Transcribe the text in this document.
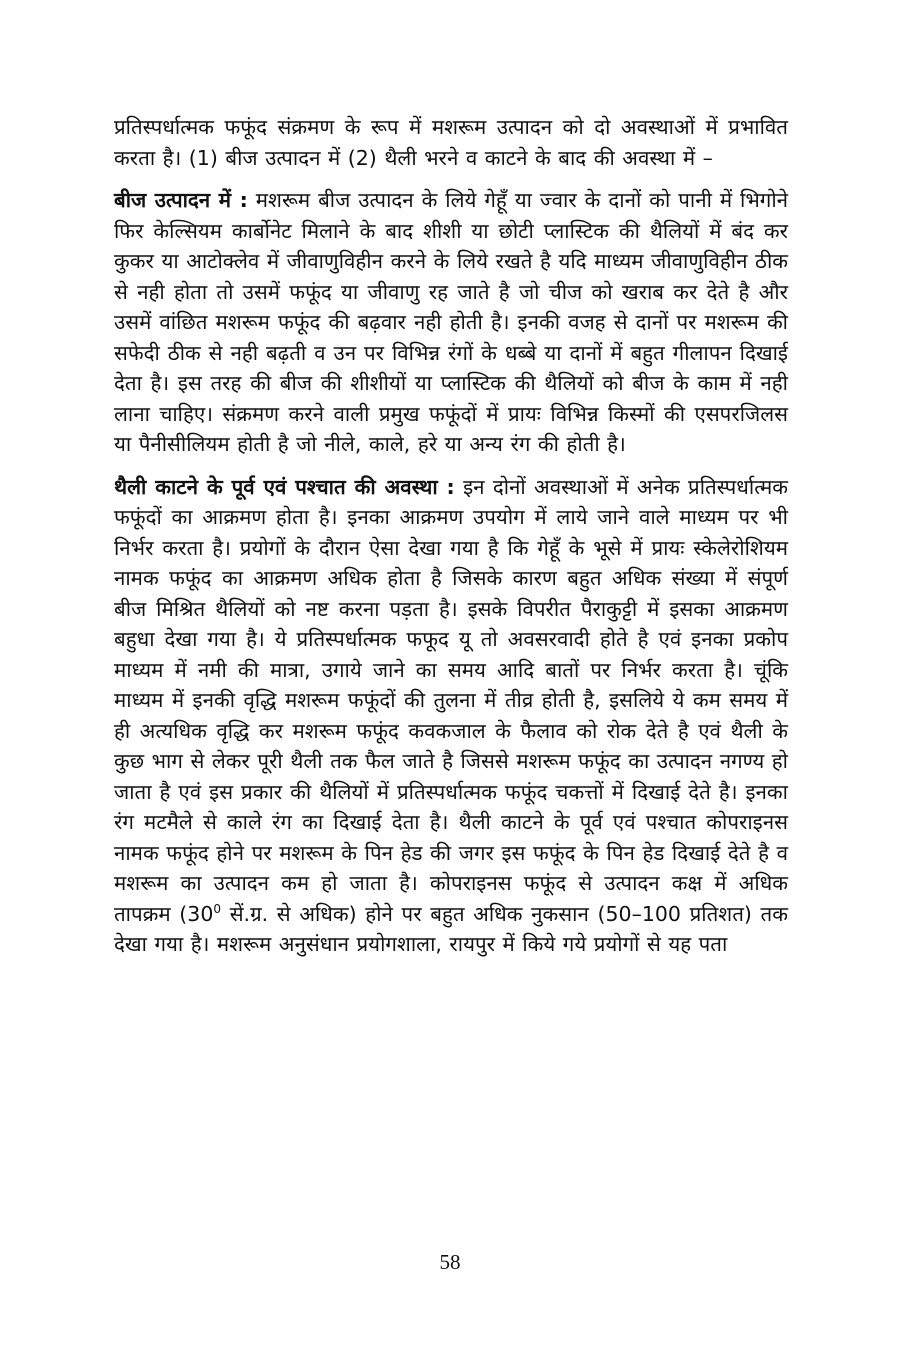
प्रतिस्पर्धात्मक फफूंद संक्रमण के रूप में मशरूम उत्पादन को दो अवस्थाओं में प्रभावित करता है। (1) बीज उत्पादन में (2) थैली भरने व काटने के बाद की अवस्था में –

बीज उत्पादन में : मशरूम बीज उत्पादन के लिये गेहूँ या ज्वार के दानों को पानी में भिगोने फिर केल्सियम कार्बोनेट मिलाने के बाद शीशी या छोटी प्लास्टिक की थैलियों में बंद कर कुकर या आटोक्लेव में जीवाणुविहीन करने के लिये रखते है यदि माध्यम जीवाणुविहीन ठीक से नही होता तो उसमें फफूंद या जीवाणु रह जाते है जो चीज को खराब कर देते है और उसमें वांछित मशरूम फफूंद की बढ़वार नही होती है। इनकी वजह से दानों पर मशरूम की सफेदी ठीक से नही बढ़ती व उन पर विभिन्न रंगों के धब्बे या दानों में बहुत गीलापन दिखाई देता है। इस तरह की बीज की शीशीयों या प्लास्टिक की थैलियों को बीज के काम में नही लाना चाहिए। संक्रमण करने वाली प्रमुख फफूंदों में प्रायः विभिन्न किस्मों की एसपरजिलस या पैनीसीलियम होती है जो नीले, काले, हरे या अन्य रंग की होती है।

थैली काटने के पूर्व एवं पश्चात की अवस्था : इन दोनों अवस्थाओं में अनेक प्रतिस्पर्धात्मक फफूंदों का आक्रमण होता है। इनका आक्रमण उपयोग में लाये जाने वाले माध्यम पर भी निर्भर करता है। प्रयोगों के दौरान ऐसा देखा गया है कि गेहूँ के भूसे में प्रायः स्केलेरोशियम नामक फफूंद का आक्रमण अधिक होता है जिसके कारण बहुत अधिक संख्या में संपूर्ण बीज मिश्रित थैलियों को नष्ट करना पड़ता है। इसके विपरीत पैराकुट्टी में इसका आक्रमण बहुधा देखा गया है। ये प्रतिस्पर्धात्मक फफूद यू तो अवसरवादी होते है एवं इनका प्रकोप माध्यम में नमी की मात्रा, उगाये जाने का समय आदि बातों पर निर्भर करता है। चूंकि माध्यम में इनकी वृद्धि मशरूम फफूंदों की तुलना में तीव्र होती है, इसलिये ये कम समय में ही अत्यधिक वृद्धि कर मशरूम फफूंद कवकजाल के फैलाव को रोक देते है एवं थैली के कुछ भाग से लेकर पूरी थैली तक फैल जाते है जिससे मशरूम फफूंद का उत्पादन नगण्य हो जाता है एवं इस प्रकार की थैलियों में प्रतिस्पर्धात्मक फफूंद चकत्तों में दिखाई देते है। इनका रंग मटमैले से काले रंग का दिखाई देता है। थैली काटने के पूर्व एवं पश्चात कोपराइनस नामक फफूंद होने पर मशरूम के पिन हेड की जगर इस फफूंद के पिन हेड दिखाई देते है व मशरूम का उत्पादन कम हो जाता है। कोपराइनस फफूंद से उत्पादन कक्ष में अधिक तापक्रम ($30^0$ सें.ग्र. से अधिक) होने पर बहुत अधिक नुकसान (50–100 प्रतिशत) तक देखा गया है। मशरूम अनुसंधान प्रयोगशाला, रायपुर में किये गये प्रयोगों से यह पता

58
